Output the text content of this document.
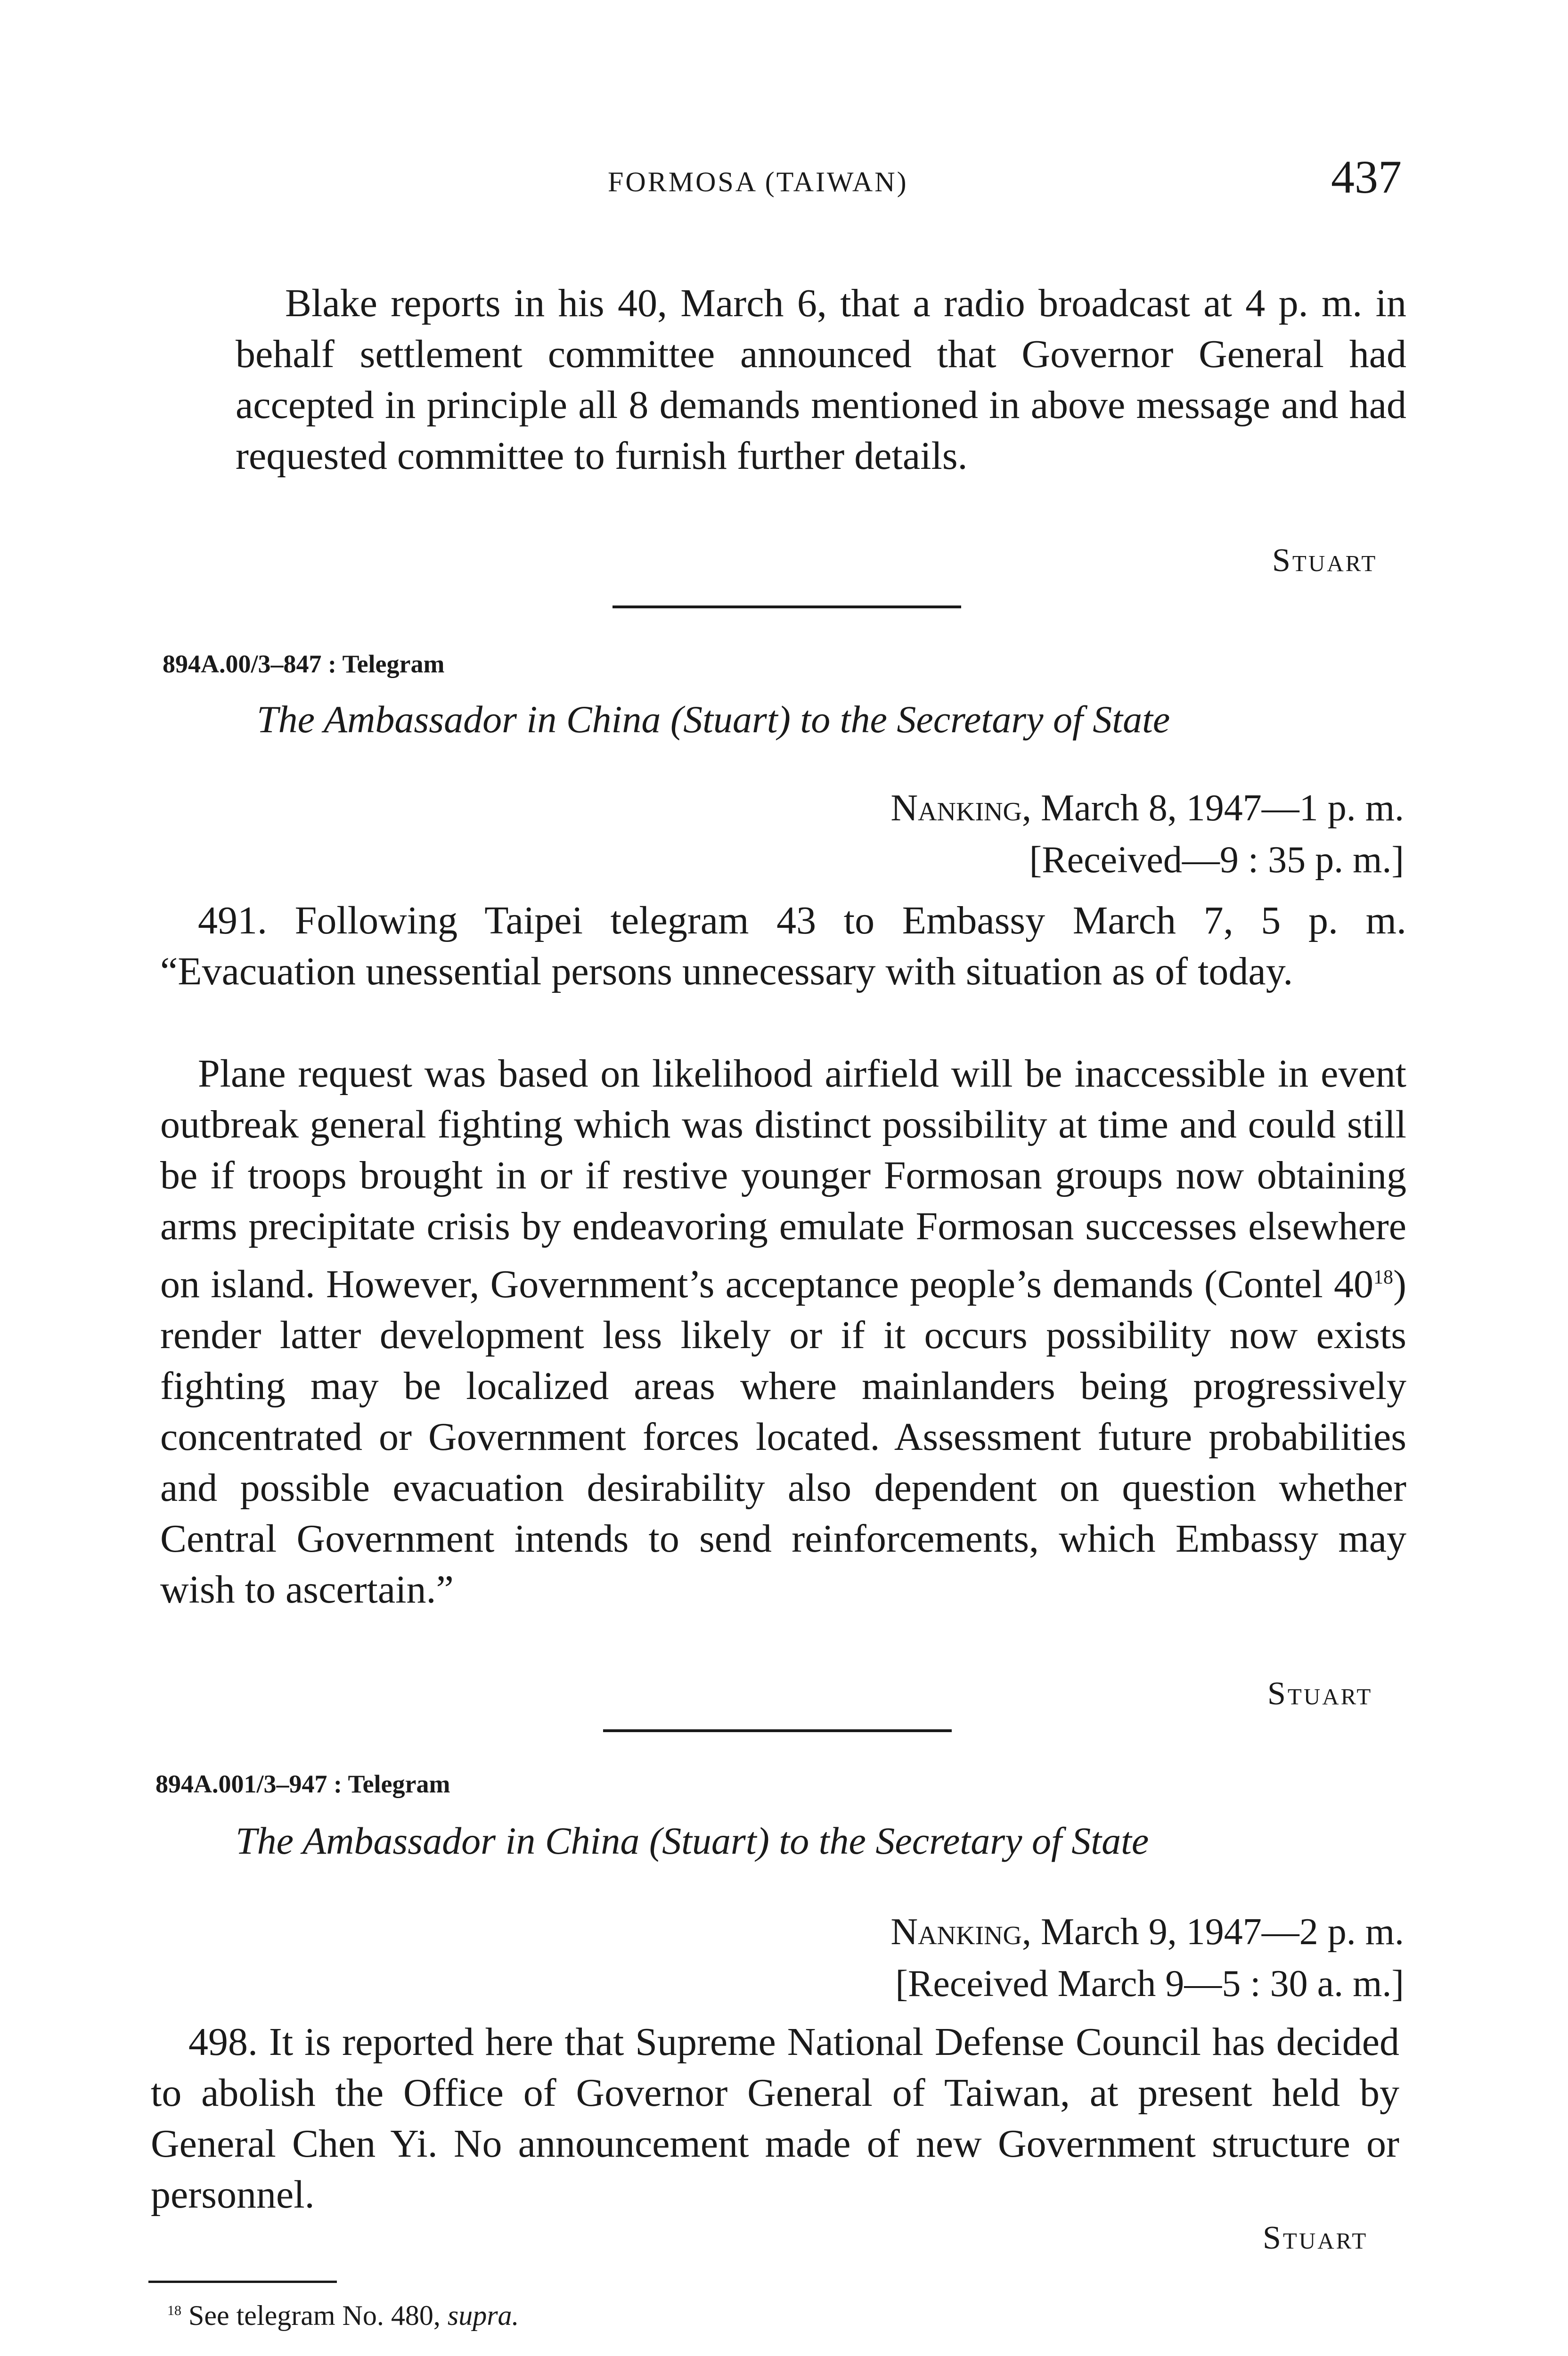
FORMOSA (TAIWAN)	437
Blake reports in his 40, March 6, that a radio broadcast at 4 p. m. in behalf settlement committee announced that Governor General had accepted in principle all 8 demands mentioned in above message and had requested committee to furnish further details.
Stuart
894A.00/3–847 : Telegram
The Ambassador in China (Stuart) to the Secretary of State
Nanking, March 8, 1947—1 p. m.
[Received—9 : 35 p. m.]
491. Following Taipei telegram 43 to Embassy March 7, 5 p. m. “Evacuation unessential persons unnecessary with situation as of today.
Plane request was based on likelihood airfield will be inaccessible in event outbreak general fighting which was distinct possibility at time and could still be if troops brought in or if restive younger Formosan groups now obtaining arms precipitate crisis by endeavoring emulate Formosan successes elsewhere on island. However, Government’s acceptance people’s demands (Contel $40^{18}$) render latter development less likely or if it occurs possibility now exists fighting may be localized areas where mainlanders being progressively concentrated or Government forces located. Assessment future probabilities and possible evacuation desirability also dependent on question whether Central Government intends to send reinforcements, which Embassy may wish to ascertain.”
Stuart
894A.001/3–947 : Telegram
The Ambassador in China (Stuart) to the Secretary of State
Nanking, March 9, 1947—2 p. m.
[Received March 9—5 : 30 a. m.]
498. It is reported here that Supreme National Defense Council has decided to abolish the Office of Governor General of Taiwan, at present held by General Chen Yi. No announcement made of new Government structure or personnel.
Stuart
$^{18}$ See telegram No. 480, supra.
